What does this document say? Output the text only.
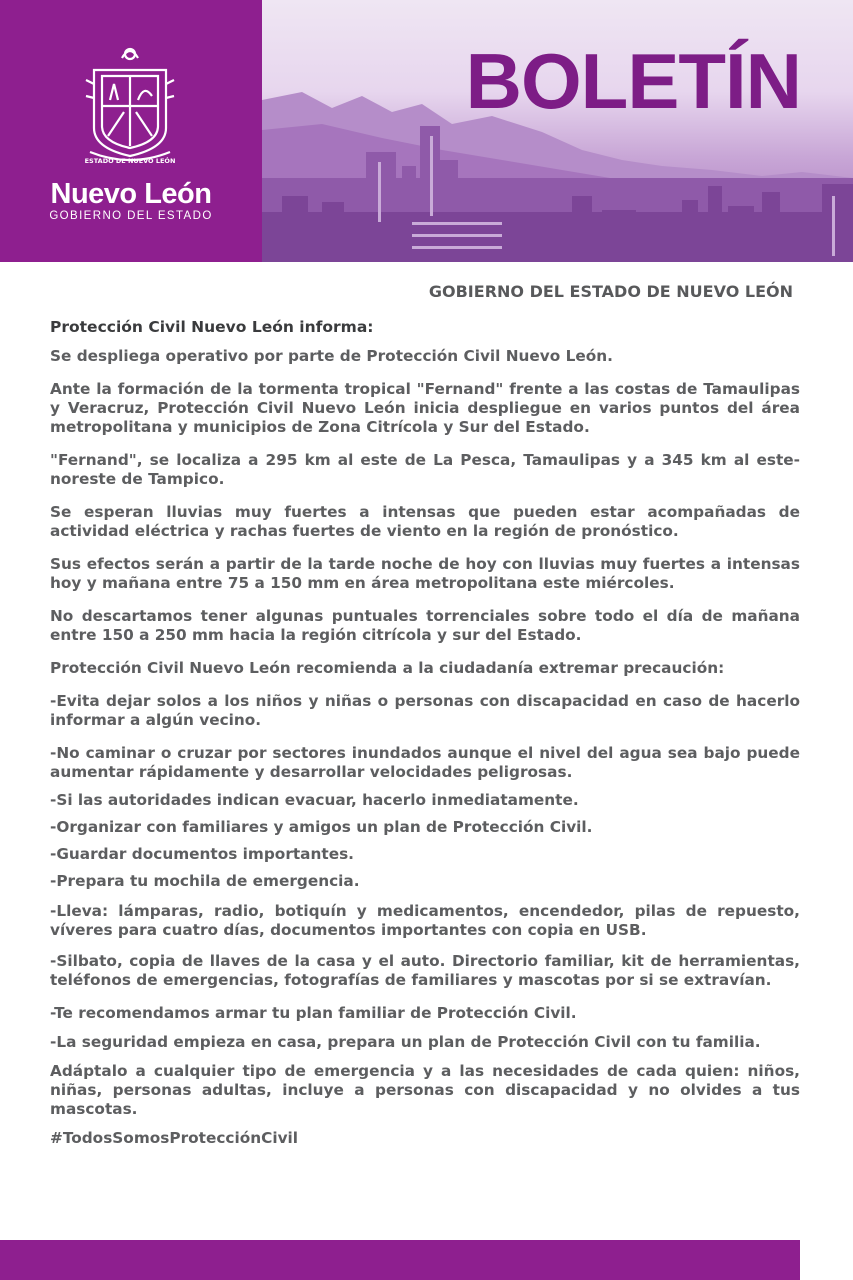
ESTADO DE NUEVO LEÓN
Nuevo León
GOBIERNO DEL ESTADO
BOLETÍN
GOBIERNO DEL ESTADO DE NUEVO LEÓN

Protección Civil Nuevo León informa:

Se despliega operativo por parte de Protección Civil Nuevo León.

Ante la formación de la tormenta tropical "Fernand" frente a las costas de Tamaulipas y Veracruz, Protección Civil Nuevo León inicia despliegue en varios puntos del área metropolitana y municipios de Zona Citrícola y Sur del Estado.

"Fernand", se localiza a 295 km al este de La Pesca, Tamaulipas y a 345 km al este-noreste de Tampico.

Se esperan lluvias muy fuertes a intensas que pueden estar acompañadas de actividad eléctrica y rachas fuertes de viento en la región de pronóstico.

Sus efectos serán a partir de la tarde noche de hoy con lluvias muy fuertes a intensas hoy y mañana entre 75 a 150 mm en área metropolitana este miércoles.

No descartamos tener algunas puntuales torrenciales sobre todo el día de mañana entre 150 a 250 mm hacia la región citrícola y sur del Estado.

Protección Civil Nuevo León recomienda a la ciudadanía extremar precaución:

-Evita dejar solos a los niños y niñas o personas con discapacidad en caso de hacerlo informar a algún vecino.

-No caminar o cruzar por sectores inundados aunque el nivel del agua sea bajo puede aumentar rápidamente y desarrollar velocidades peligrosas.

-Si las autoridades indican evacuar, hacerlo inmediatamente.

-Organizar con familiares y amigos un plan de Protección Civil.

-Guardar documentos importantes.

-Prepara tu mochila de emergencia.

-Lleva: lámparas, radio, botiquín y medicamentos, encendedor, pilas de repuesto, víveres para cuatro días, documentos importantes con copia en USB.

-Silbato, copia de llaves de la casa y el auto. Directorio familiar, kit de herramientas, teléfonos de emergencias, fotografías de familiares y mascotas por si se extravían.

-Te recomendamos armar tu plan familiar de Protección Civil.

-La seguridad empieza en casa, prepara un plan de Protección Civil con tu familia.

Adáptalo a cualquier tipo de emergencia y a las necesidades de cada quien: niños, niñas, personas adultas, incluye a personas con discapacidad y no olvides a tus mascotas.

#TodosSomosProtecciónCivil
